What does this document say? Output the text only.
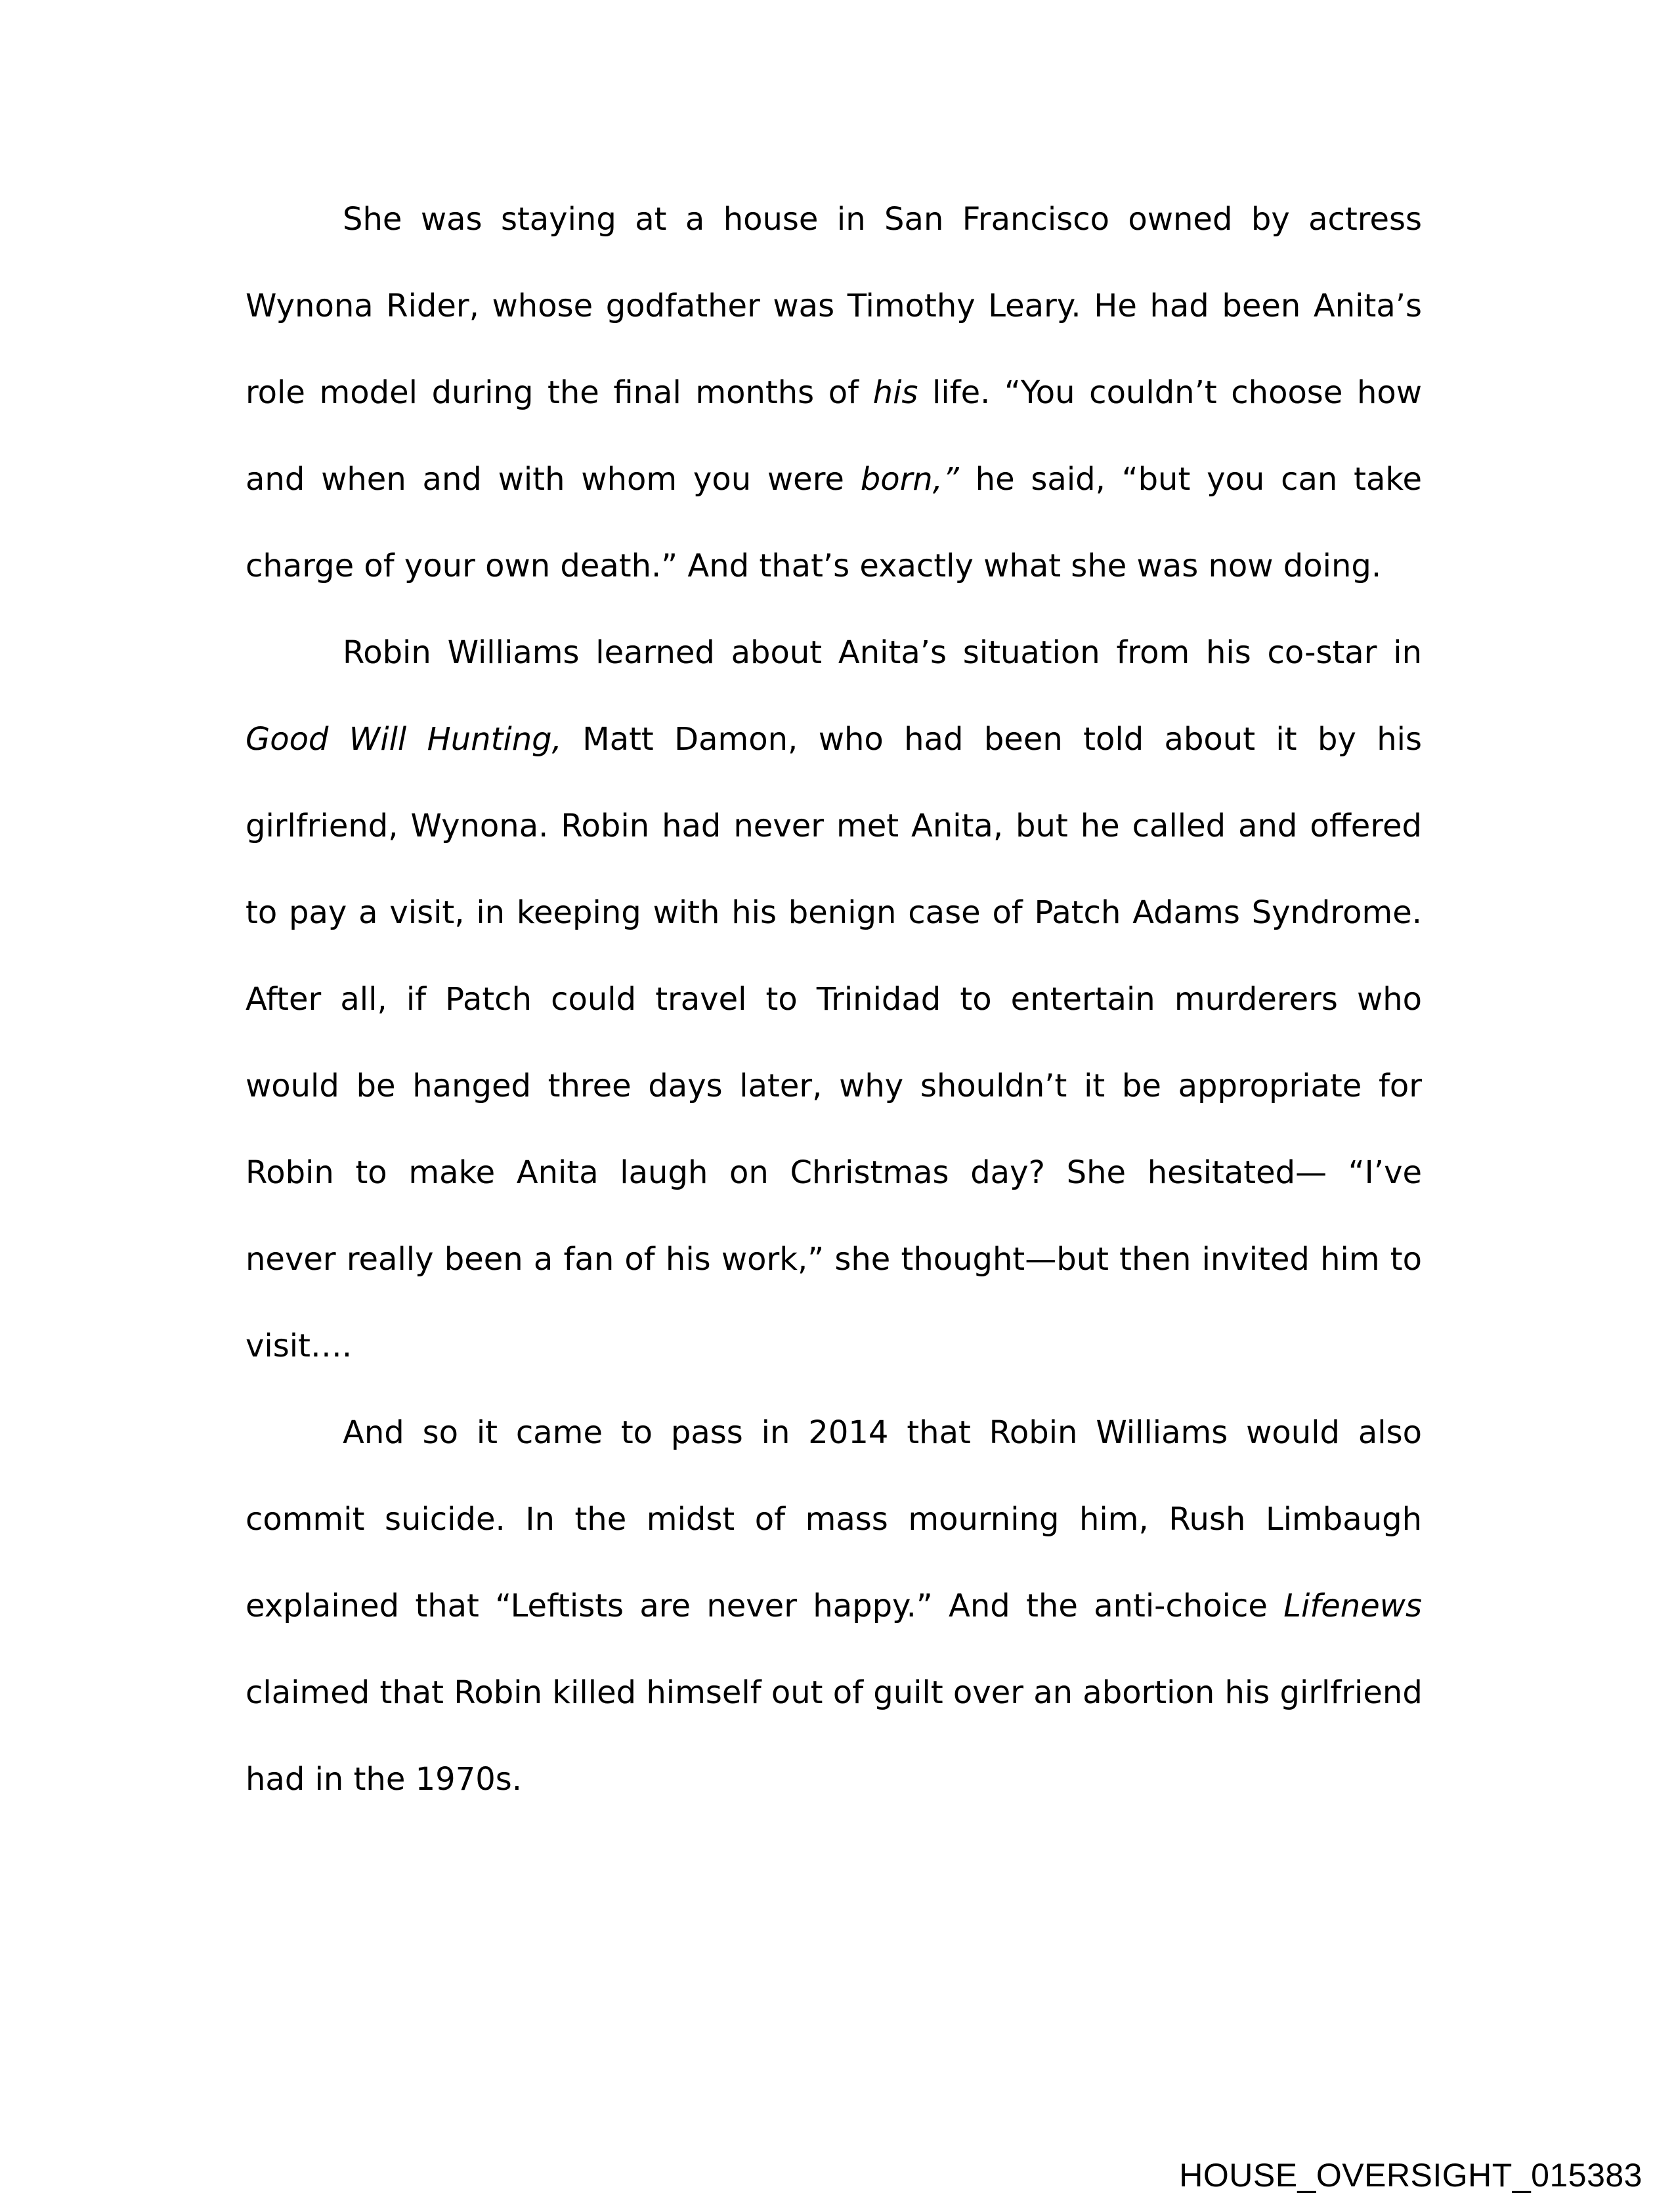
She was staying at a house in San Francisco owned by actress
Wynona Rider, whose godfather was Timothy Leary. He had been Anita’s
role model during the final months of his life. “You couldn’t choose how
and when and with whom you were born,” he said, “but you can take
charge of your own death.” And that’s exactly what she was now doing.
Robin Williams learned about Anita’s situation from his co-star in
Good Will Hunting, Matt Damon, who had been told about it by his
girlfriend, Wynona. Robin had never met Anita, but he called and offered
to pay a visit, in keeping with his benign case of Patch Adams Syndrome.
After all, if Patch could travel to Trinidad to entertain murderers who
would be hanged three days later, why shouldn’t it be appropriate for
Robin to make Anita laugh on Christmas day? She hesitated— “I’ve
never really been a fan of his work,” she thought—but then invited him to
visit….
And so it came to pass in 2014 that Robin Williams would also
commit suicide. In the midst of mass mourning him, Rush Limbaugh
explained that “Leftists are never happy.” And the anti-choice Lifenews
claimed that Robin killed himself out of guilt over an abortion his girlfriend
had in the 1970s.
HOUSE_OVERSIGHT_015383
